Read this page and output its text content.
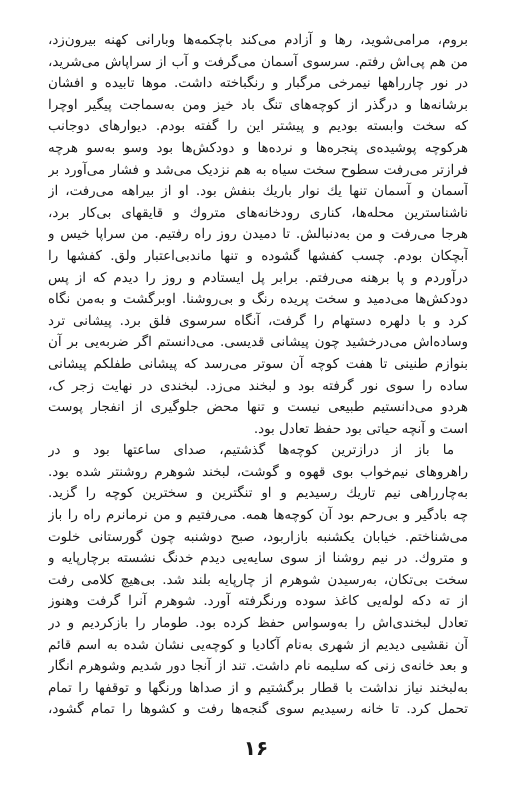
بروم، مرامی‌شوید، رها و آزادم می‌کند باچکمه‌ها وبارانی کهنه بیرون‌زد،
من هم پی‌اش رفتم. سرسوی آسمان می‌گرفت و آب از سراپاش می‌شرید،
در نور چاررا‌هها نیمرخی مرگبار و رنگباخته داشت. موها تابیده و افشان
برشانه‌ها و درگذر از کوچه‌های تنگ باد خیز ومن به‌سماجت پیگیر اوچرا
که سخت وابسته بودیم و پیشتر این را گفته بودم. دیوارهای دوجانب
هرکوچه پوشیده‌ی پنجره‌ها و نرده‌ها و دودکش‌ها بود وسو به‌سو هرچه
فرازتر می‌رفت سطوح سخت سیاه به هم نزدیک می‌شد و فشار می‌آورد بر
آسمان و آسمان تنها یك نوار باریك بنفش بود. او از بیراهه می‌رفت، از
ناشناسترین محله‌ها، کناری رودخانه‌های متروك و قایقهای بی‌کار برد،
هرجا می‌رفت و من به‌دنبالش. تا دمیدن روز راه رفتیم. من سراپا خیس و
آبچکان بودم. چسب کفشها گشوده و تنها ماندبی‌اعتبار ولق. کفشها را
درآوردم و پا برهنه می‌رفتم. برابر پل ایستادم و روز را دیدم که از پس
دودکش‌ها می‌دمید و سخت پریده رنگ و بی‌روشنا. اوبرگشت و به‌من نگاه
کرد و با دلهره دستهام را گرفت، آنگاه سرسوی فلق برد. پیشانی ترد
وساده‌اش می‌درخشید چون پیشانی قدیسی. می‌دانستم اگر ضربه‌یی بر آن
بنوازم طنینی تا هفت کوچه آن سوتر می‌رسد که پیشانی طفلکم پیشانی
ساده را سوی نور گرفته بود و لبخند می‌زد. لبخندی در نهایت زجر ک،
هردو می‌دانستیم طبیعی نیست و تنها محض جلوگیری از انفجار پوست
است و آنچه حیاتی بود حفظ تعادل بود.
ما باز از درازترین کوچه‌ها گذشتیم، صدای ساعتها بود و در
راهروهای نیم‌خواب بوی قهوه و گوشت، لبخند شوهرم روشنتر شده بود.
به‌چارراهی نیم تاریك رسیدیم و او تنگترین و سخترین کوچه را گزید.
چه بادگیر و بی‌رحم بود آن کوچه‌ها همه. می‌رفتیم و من نرمانرم راه را باز
می‌شناختم. خیابان یکشنبه بازاربود، صبح دوشنبه چون گورستانی خلوت
و متروك. در نیم روشنا از سوی سایه‌یی دیدم خدنگ نشسته برچارپایه و
سخت بی‌تکان، به‌رسیدن شوهرم از چارپایه بلند شد. بی‌هیچ کلامی رفت
از ته دکه لوله‌یی کاغذ سوده ورنگرفته آورد. شوهرم آنرا گرفت وهنوز
تعادل لبخندی‌اش را به‌وسواس حفظ کرده بود. طومار را بازکردیم و در
آن نقشیی دیدیم از شهری به‌نام آکادیا و کوچه‌یی نشان شده به اسم قائم
و بعد خانه‌ی زنی که سلیمه نام داشت. تند از آنجا دور شدیم وشوهرم انگار
به‌لبخند نیاز نداشت با قطار برگشتیم و از صداها ورنگها و توقفها را تمام
تحمل کرد. تا خانه رسیدیم سوی گنجه‌ها رفت و کشوها را تمام گشود،
۱۶
